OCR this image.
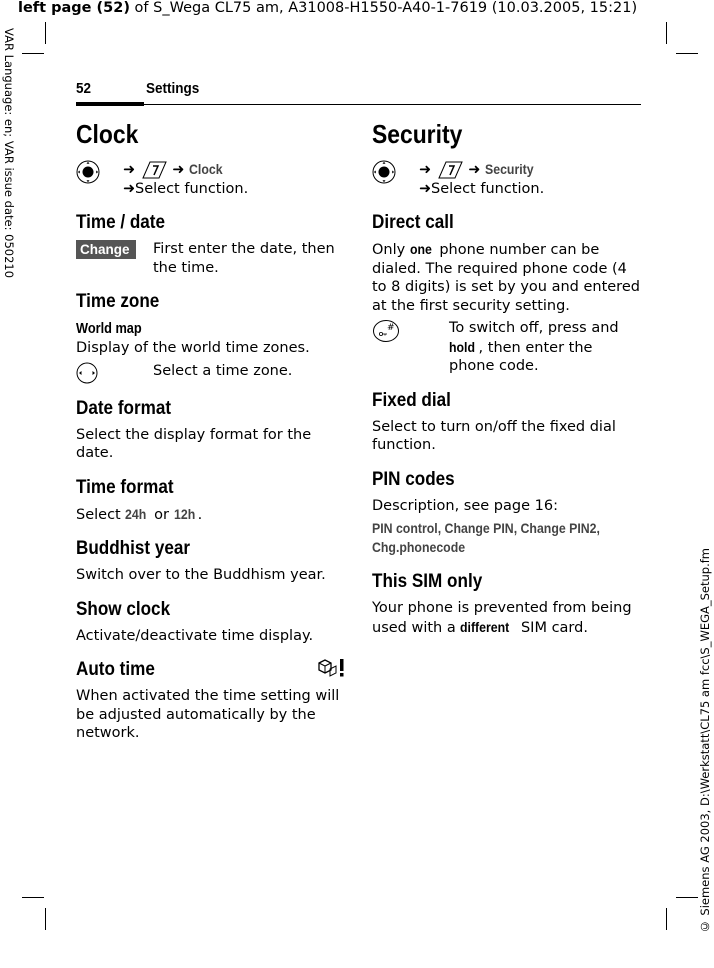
left page (52) of S_Wega CL75 am, A31008-H1550-A40-1-7619 (10.03.2005, 15:21)
VAR Language: en; VAR issue date: 050210
© Siemens AG 2003, D:\Werkstatt\CL75 am fcc\S_WEGA_Setup.fm
52	Settings
Clock
➜	➜ Clock
➜Select function.
Time / date
Change	First enter the date, then the time.
Time zone
World map

Display of the world time zones.

Select a time zone.
Date format

Select the display format for the date.

Time format

Select 24h or 12h .

Buddhist year

Switch over to the Buddhism year.

Show clock

Activate/deactivate time display.

Auto time

When activated the time setting will be adjusted automatically by the network.

Security
➜	➜ Security
➜Select function.
Direct call

Only one phone number can be dialed. The required phone code (4 to 8 digits) is set by you and entered at the first security setting.

#	To switch off, press and hold , then enter the phone code.
Fixed dial

Select to turn on/off the fixed dial function.

PIN codes

Description, see page 16:

PIN control, Change PIN, Change PIN2, Chg.phonecode
This SIM only

Your phone is prevented from being used with a different SIM card.
